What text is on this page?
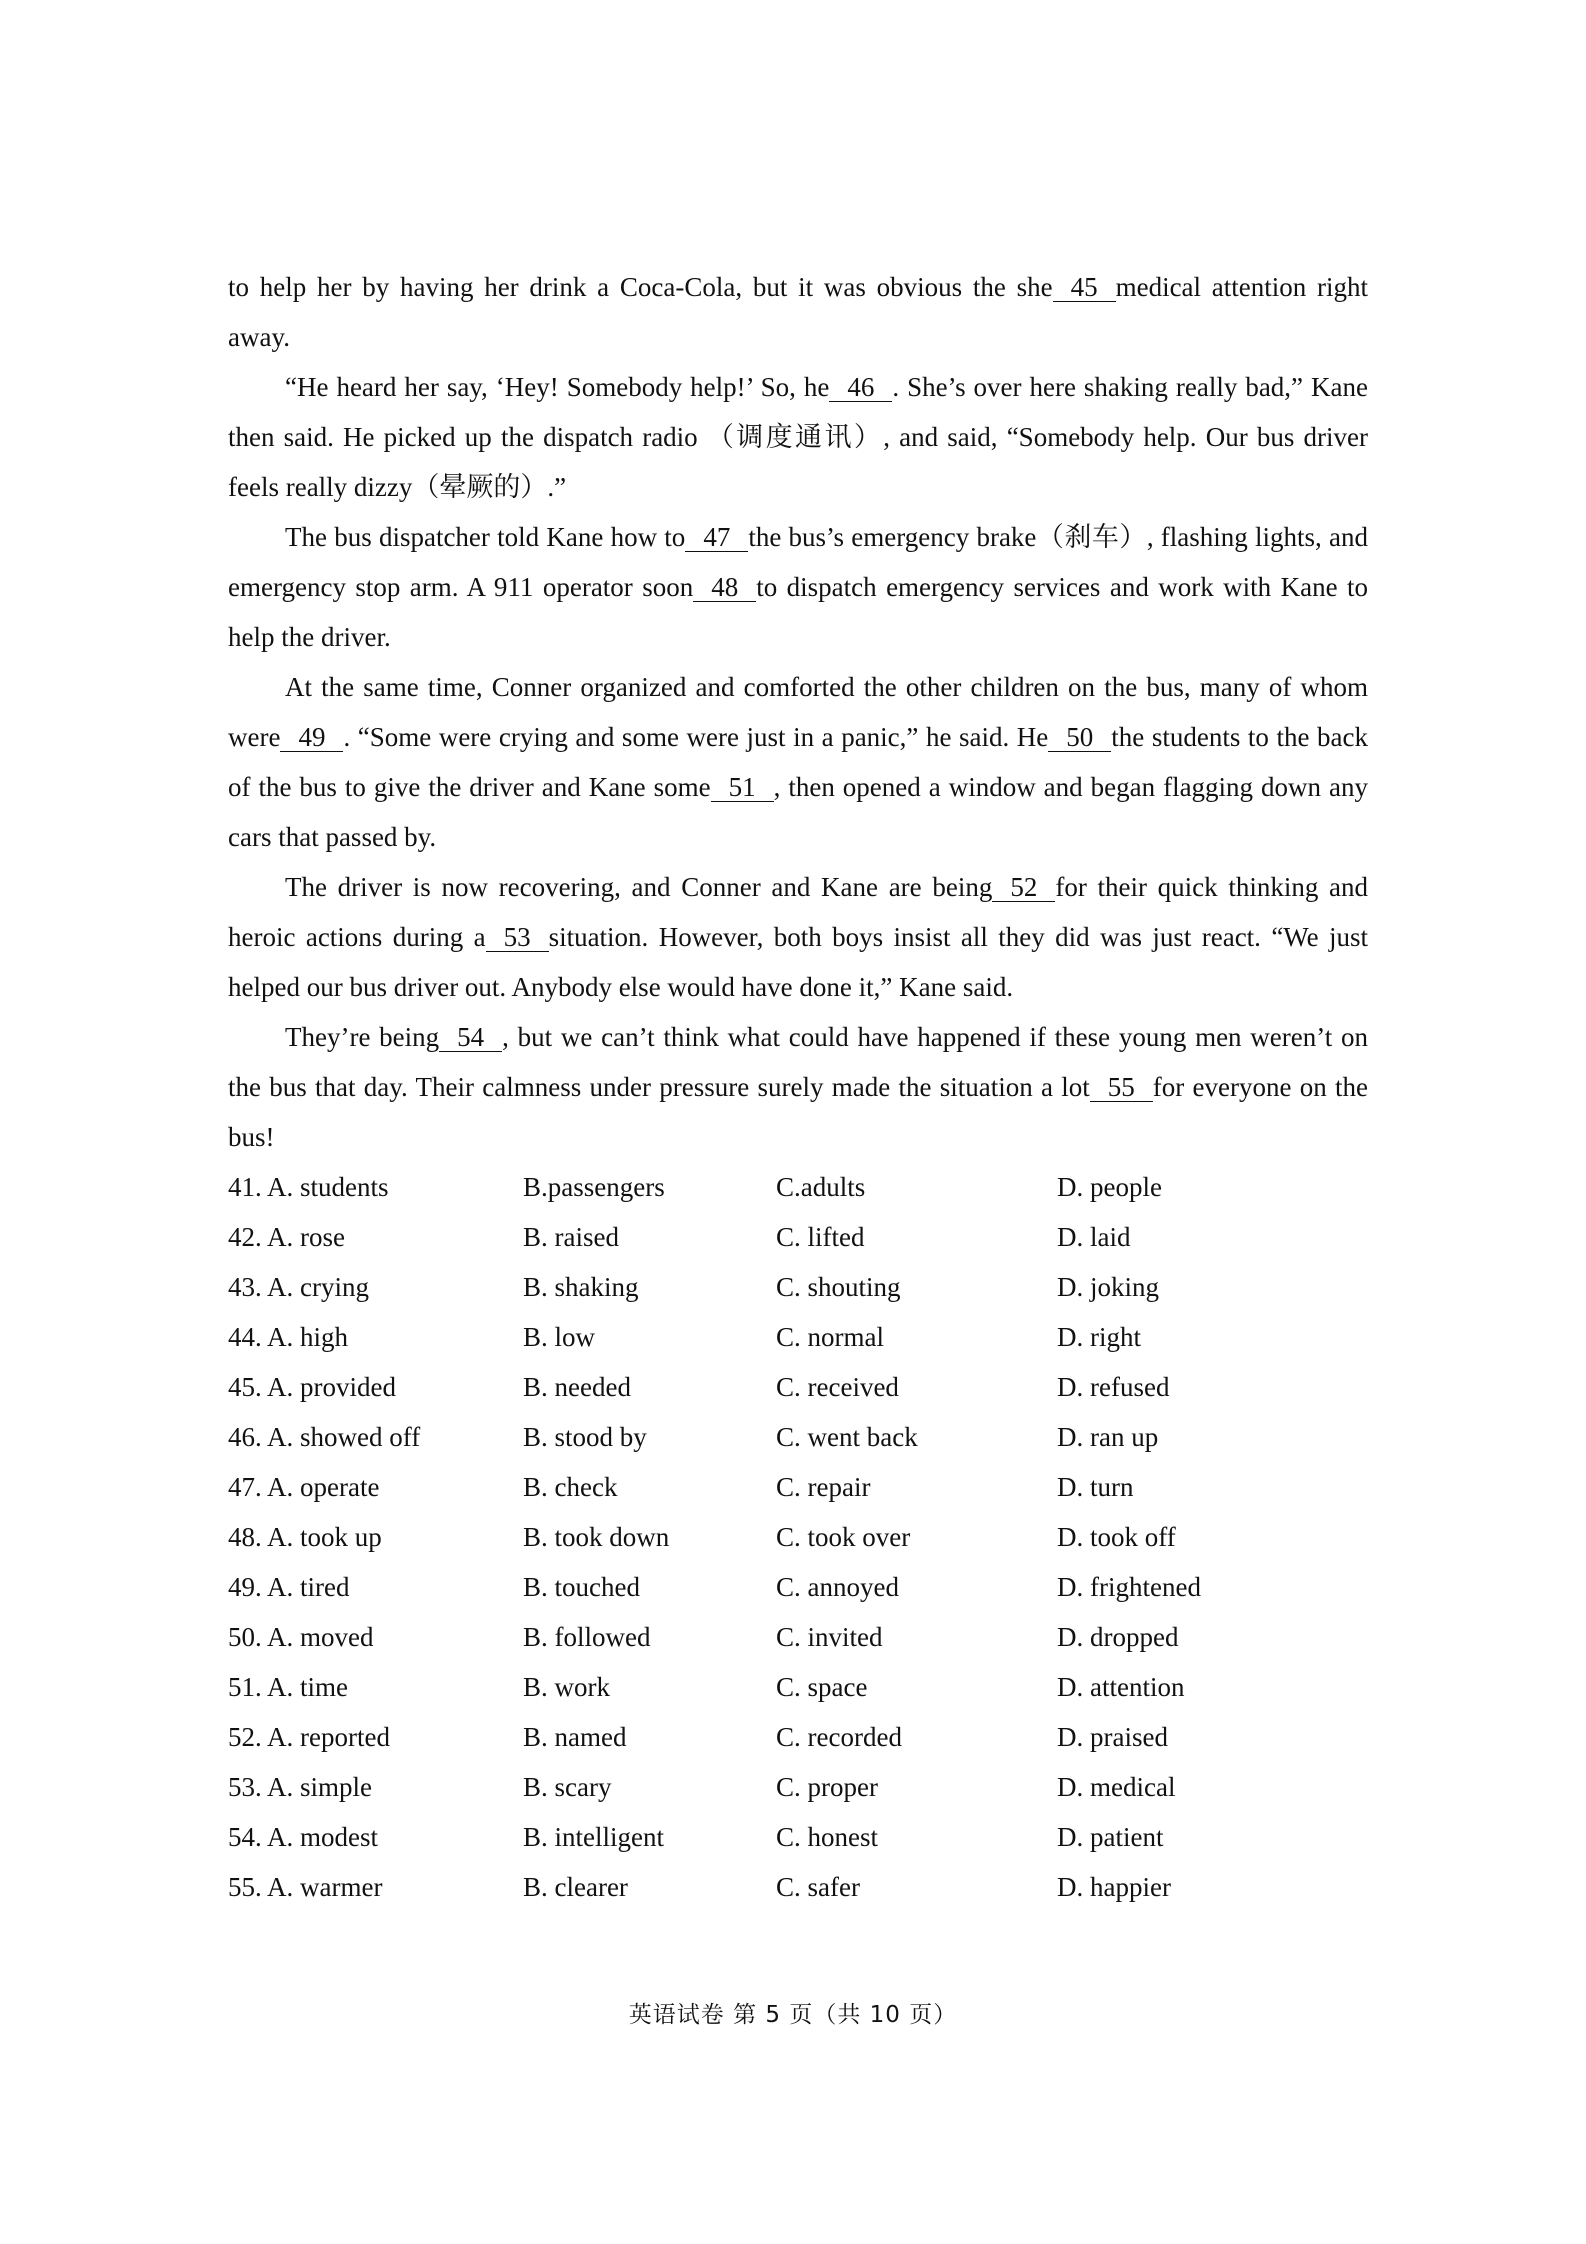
to help her by having her drink a Coca-Cola, but it was obvious the she 45 medical attention right away.

“He heard her say, ‘Hey! Somebody help!’ So, he 46 . She’s over here shaking really bad,” Kane then said. He picked up the dispatch radio （调度通讯）, and said, “Somebody help. Our bus driver feels really dizzy（晕厥的）.”

The bus dispatcher told Kane how to 47 the bus’s emergency brake（刹车）, flashing lights, and emergency stop arm. A 911 operator soon 48 to dispatch emergency services and work with Kane to help the driver.

At the same time, Conner organized and comforted the other children on the bus, many of whom were 49 . “Some were crying and some were just in a panic,” he said. He 50 the students to the back of the bus to give the driver and Kane some 51 , then opened a window and began flagging down any cars that passed by.

The driver is now recovering, and Conner and Kane are being 52 for their quick thinking and heroic actions during a 53 situation. However, both boys insist all they did was just react. “We just helped our bus driver out. Anybody else would have done it,” Kane said.

They’re being 54 , but we can’t think what could have happened if these young men weren’t on the bus that day. Their calmness under pressure surely made the situation a lot 55 for everyone on the bus!

41. A. students	B.passengers	C.adults	D. people
42. A. rose	B. raised	C. lifted	D. laid
43. A. crying	B. shaking	C. shouting	D. joking
44. A. high	B. low	C. normal	D. right
45. A. provided	B. needed	C. received	D. refused
46. A. showed off	B. stood by	C. went back	D. ran up
47. A. operate	B. check	C. repair	D. turn
48. A. took up	B. took down	C. took over	D. took off
49. A. tired	B. touched	C. annoyed	D. frightened
50. A. moved	B. followed	C. invited	D. dropped
51. A. time	B. work	C. space	D. attention
52. A. reported	B. named	C. recorded	D. praised
53. A. simple	B. scary	C. proper	D. medical
54. A. modest	B. intelligent	C. honest	D. patient
55. A. warmer	B. clearer	C. safer	D. happier
英语试卷 第 5 页（共 10 页）
